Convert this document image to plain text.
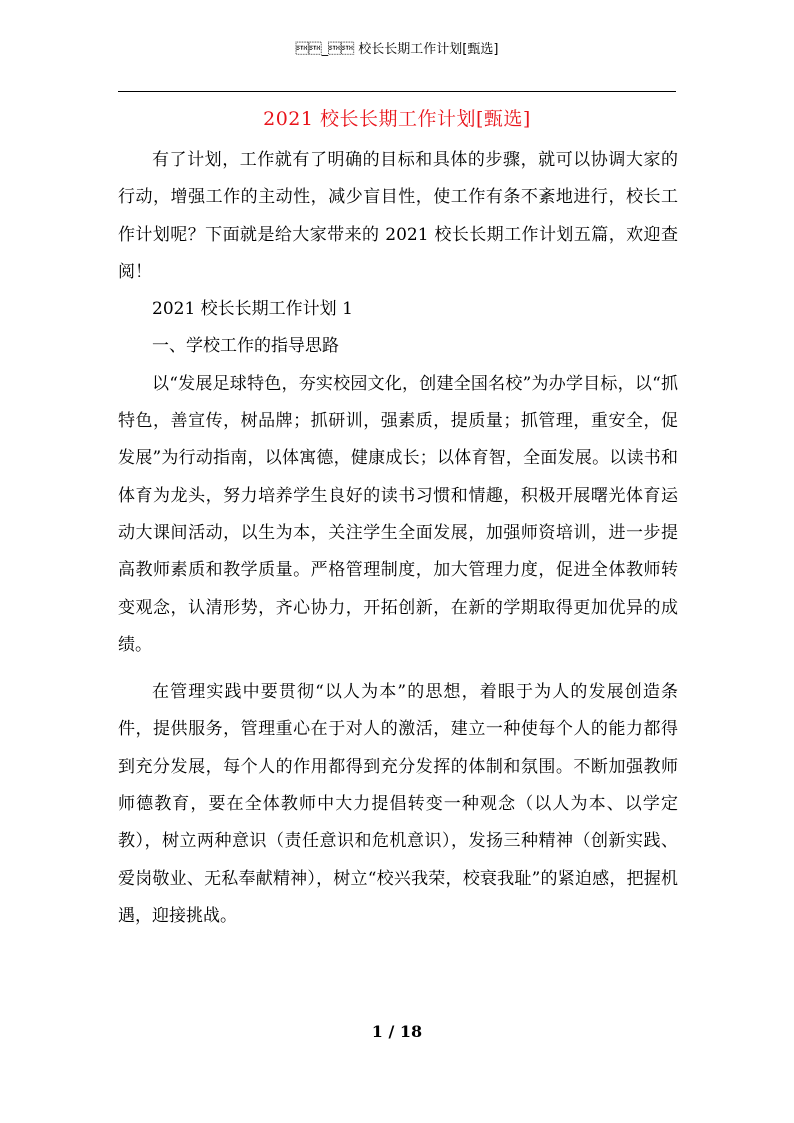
_ 校长长期工作计划[甄选]
2021 校长长期工作计划[甄选]

有了计划，工作就有了明确的目标和具体的步骤，就可以协调大家的行动，增强工作的主动性，减少盲目性，使工作有条不紊地进行，校长工作计划呢？下面就是给大家带来的 2021 校长长期工作计划五篇，欢迎查阅！

2021 校长长期工作计划 1

一、学校工作的指导思路

以“发展足球特色，夯实校园文化，创建全国名校”为办学目标，以“抓特色，善宣传，树品牌；抓研训，强素质，提质量；抓管理，重安全，促发展”为行动指南，以体寓德，健康成长；以体育智，全面发展。以读书和体育为龙头，努力培养学生良好的读书习惯和情趣，积极开展曙光体育运动大课间活动，以生为本，关注学生全面发展，加强师资培训，进一步提高教师素质和教学质量。严格管理制度，加大管理力度，促进全体教师转变观念，认清形势，齐心协力，开拓创新，在新的学期取得更加优异的成绩。

在管理实践中要贯彻“以人为本”的思想，着眼于为人的发展创造条件，提供服务，管理重心在于对人的激活，建立一种使每个人的能力都得到充分发展，每个人的作用都得到充分发挥的体制和氛围。不断加强教师师德教育，要在全体教师中大力提倡转变一种观念（以人为本、以学定教），树立两种意识（责任意识和危机意识），发扬三种精神（创新实践、爱岗敬业、无私奉献精神），树立“校兴我荣，校衰我耻”的紧迫感，把握机遇，迎接挑战。

1 / 18
